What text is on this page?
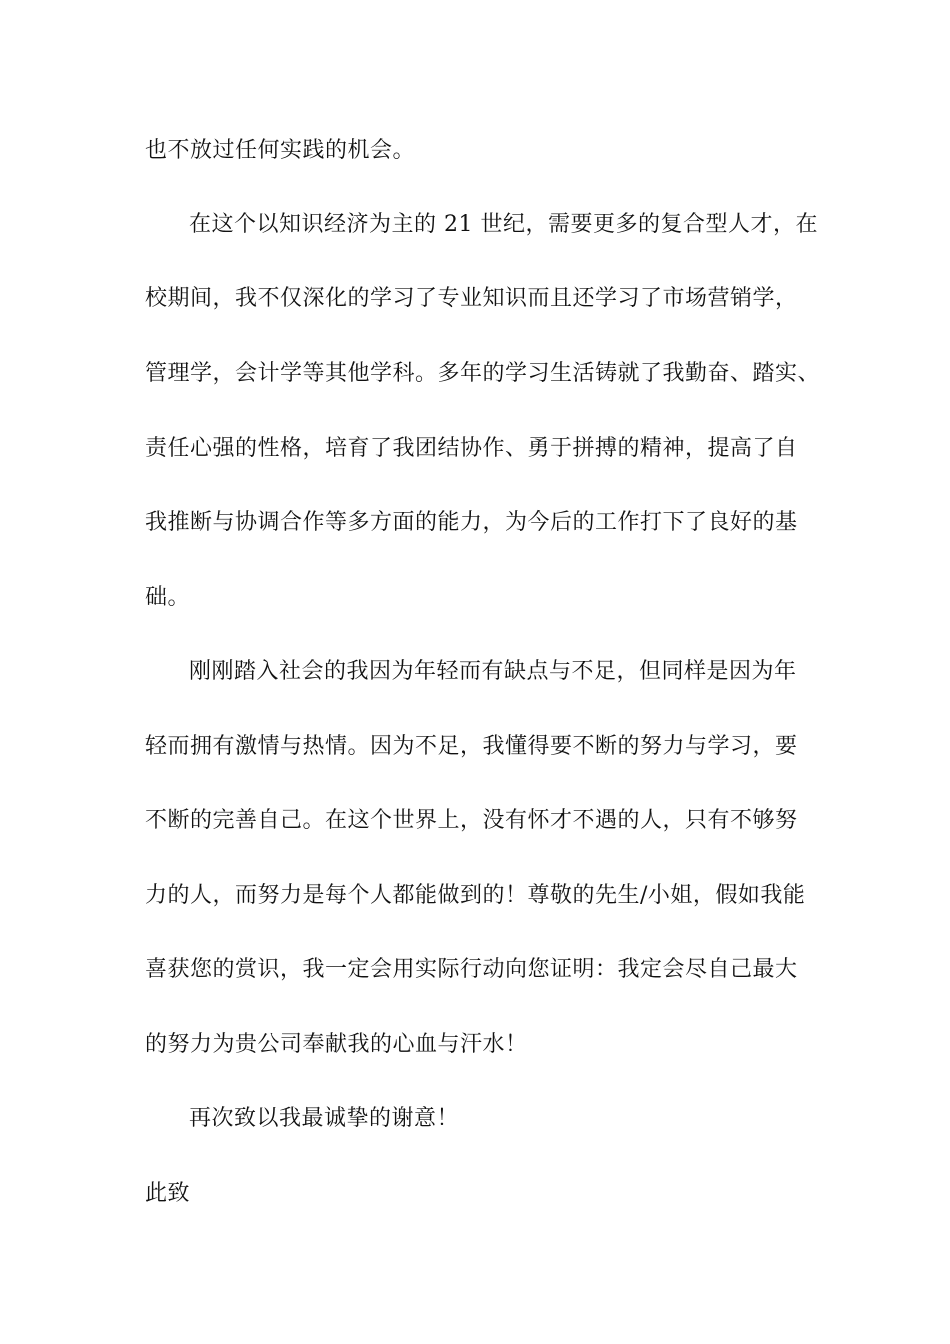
也不放过任何实践的机会。
在这个以知识经济为主的 21 世纪，需要更多的复合型人才，在
校期间，我不仅深化的学习了专业知识而且还学习了市场营销学，
管理学，会计学等其他学科。多年的学习生活铸就了我勤奋、踏实、
责任心强的性格，培育了我团结协作、勇于拼搏的精神，提高了自
我推断与协调合作等多方面的能力，为今后的工作打下了良好的基
础。
刚刚踏入社会的我因为年轻而有缺点与不足，但同样是因为年
轻而拥有激情与热情。因为不足，我懂得要不断的努力与学习，要
不断的完善自己。在这个世界上，没有怀才不遇的人，只有不够努
力的人，而努力是每个人都能做到的！尊敬的先生/小姐，假如我能
喜获您的赏识，我一定会用实际行动向您证明：我定会尽自己最大
的努力为贵公司奉献我的心血与汗水！
再次致以我最诚挚的谢意！
此致
